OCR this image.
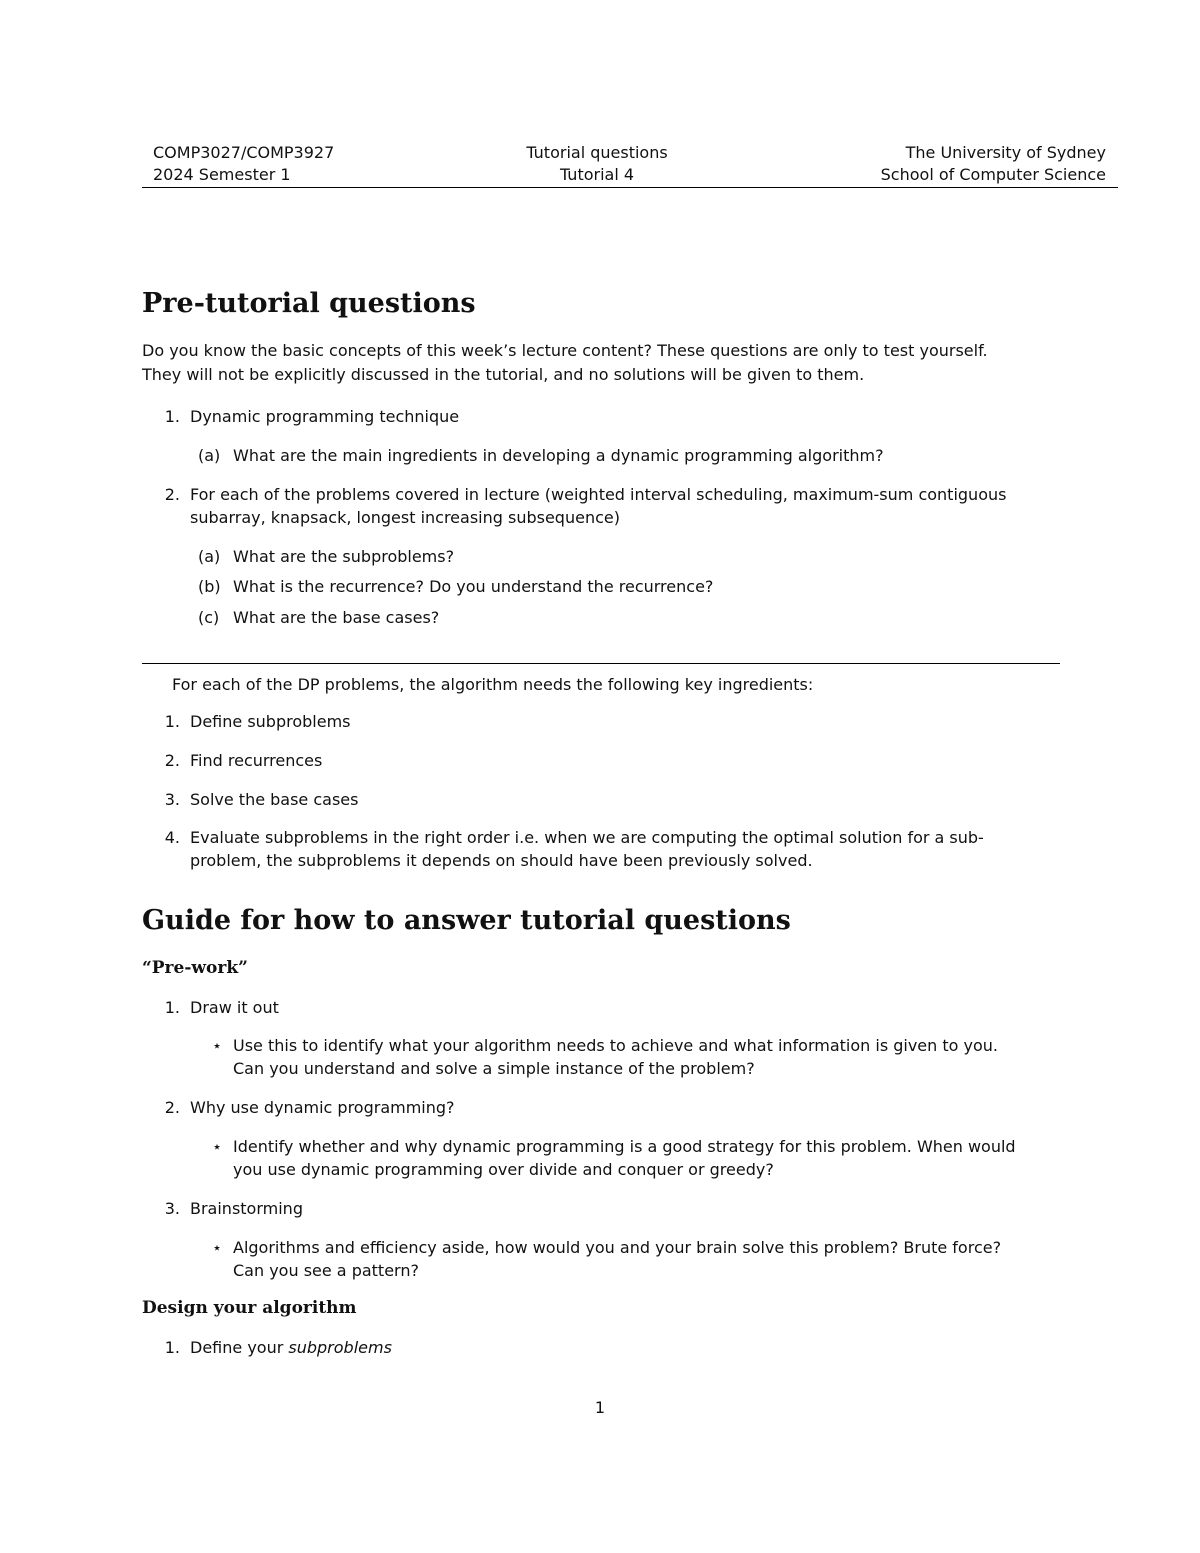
COMP3027/COMP3927
2024 Semester 1
Tutorial questions
Tutorial 4
The University of Sydney
School of Computer Science
Pre-tutorial questions
Do you know the basic concepts of this week’s lecture content? These questions are only to test yourself.
They will not be explicitly discussed in the tutorial, and no solutions will be given to them.
1. Dynamic programming technique
(a) What are the main ingredients in developing a dynamic programming algorithm?
2. For each of the problems covered in lecture (weighted interval scheduling, maximum-sum contiguous
subarray, knapsack, longest increasing subsequence)
(a) What are the subproblems?
(b) What is the recurrence? Do you understand the recurrence?
(c) What are the base cases?
For each of the DP problems, the algorithm needs the following key ingredients:
1. Define subproblems
2. Find recurrences
3. Solve the base cases
4. Evaluate subproblems in the right order i.e. when we are computing the optimal solution for a sub-
problem, the subproblems it depends on should have been previously solved.
Guide for how to answer tutorial questions
“Pre-work”
1. Draw it out
⋆ Use this to identify what your algorithm needs to achieve and what information is given to you.
Can you understand and solve a simple instance of the problem?
2. Why use dynamic programming?
⋆ Identify whether and why dynamic programming is a good strategy for this problem. When would
you use dynamic programming over divide and conquer or greedy?
3. Brainstorming
⋆ Algorithms and efficiency aside, how would you and your brain solve this problem? Brute force?
Can you see a pattern?
Design your algorithm
1. Define your subproblems
1
